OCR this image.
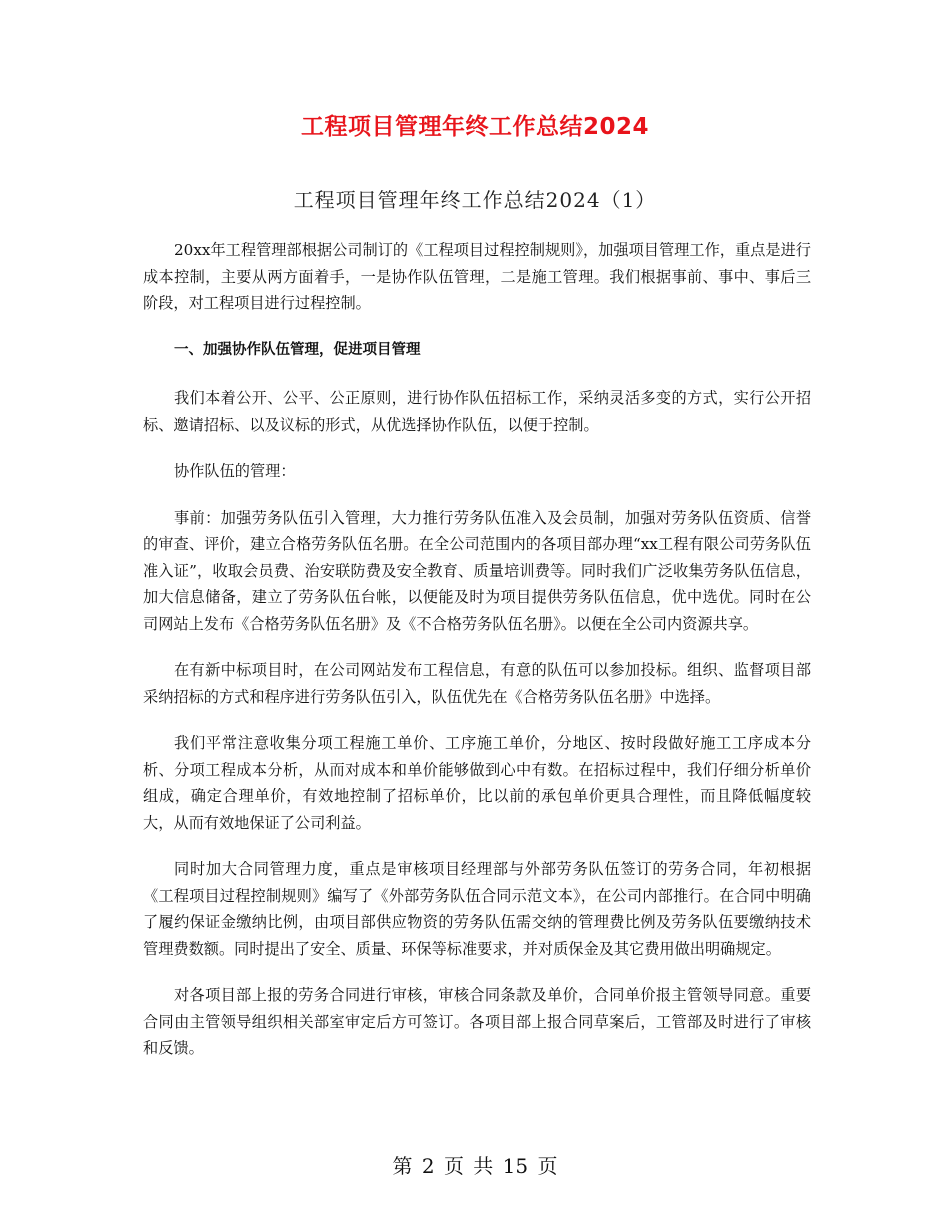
工程项目管理年终工作总结2024
工程项目管理年终工作总结2024（1）

20xx年工程管理部根据公司制订的《工程项目过程控制规则》，加强项目管理工作，重点是进行成本控制，主要从两方面着手，一是协作队伍管理，二是施工管理。我们根据事前、事中、事后三阶段，对工程项目进行过程控制。

一、加强协作队伍管理，促进项目管理

我们本着公开、公平、公正原则，进行协作队伍招标工作，采纳灵活多变的方式，实行公开招标、邀请招标、以及议标的形式，从优选择协作队伍，以便于控制。

协作队伍的管理：

事前：加强劳务队伍引入管理，大力推行劳务队伍准入及会员制，加强对劳务队伍资质、信誉的审查、评价，建立合格劳务队伍名册。在全公司范围内的各项目部办理“xx工程有限公司劳务队伍准入证”，收取会员费、治安联防费及安全教育、质量培训费等。同时我们广泛收集劳务队伍信息，加大信息储备，建立了劳务队伍台帐，以便能及时为项目提供劳务队伍信息，优中选优。同时在公司网站上发布《合格劳务队伍名册》及《不合格劳务队伍名册》。以便在全公司内资源共享。

在有新中标项目时，在公司网站发布工程信息，有意的队伍可以参加投标。组织、监督项目部采纳招标的方式和程序进行劳务队伍引入，队伍优先在《合格劳务队伍名册》中选择。

我们平常注意收集分项工程施工单价、工序施工单价，分地区、按时段做好施工工序成本分析、分项工程成本分析，从而对成本和单价能够做到心中有数。在招标过程中，我们仔细分析单价组成，确定合理单价，有效地控制了招标单价，比以前的承包单价更具合理性，而且降低幅度较大，从而有效地保证了公司利益。

同时加大合同管理力度，重点是审核项目经理部与外部劳务队伍签订的劳务合同，年初根据《工程项目过程控制规则》编写了《外部劳务队伍合同示范文本》，在公司内部推行。在合同中明确了履约保证金缴纳比例，由项目部供应物资的劳务队伍需交纳的管理费比例及劳务队伍要缴纳技术管理费数额。同时提出了安全、质量、环保等标准要求，并对质保金及其它费用做出明确规定。

对各项目部上报的劳务合同进行审核，审核合同条款及单价，合同单价报主管领导同意。重要合同由主管领导组织相关部室审定后方可签订。各项目部上报合同草案后，工管部及时进行了审核和反馈。

第 2 页 共 15 页
